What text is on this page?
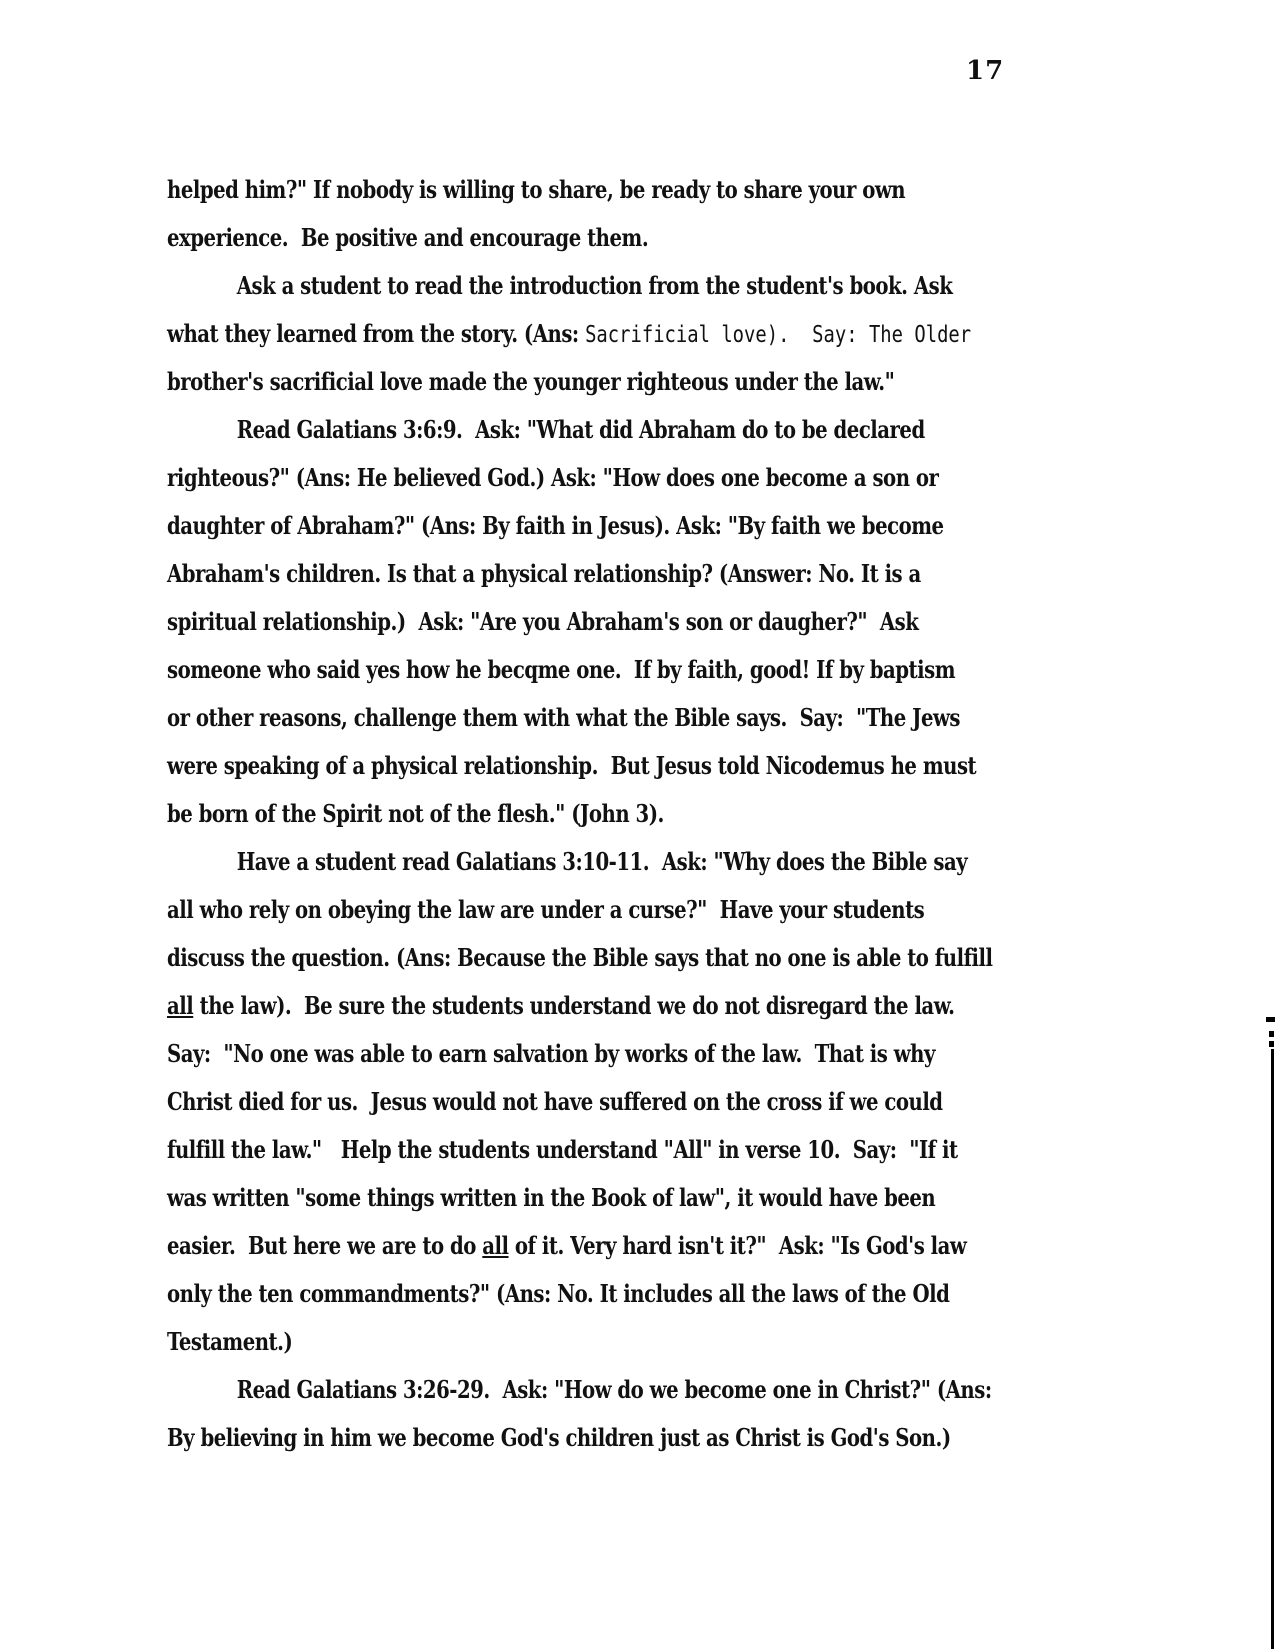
17
helped him?" If nobody is willing to share, be ready to share your own
experience.  Be positive and encourage them.
Ask a student to read the introduction from the student's book. Ask
what they learned from the story. (Ans: Sacrificial love).  Say: The Older
brother's sacrificial love made the younger righteous under the law."
Read Galatians 3:6:9.  Ask: "What did Abraham do to be declared
righteous?" (Ans: He believed God.) Ask: "How does one become a son or
daughter of Abraham?" (Ans: By faith in Jesus). Ask: "By faith we become
Abraham's children. Is that a physical relationship? (Answer: No. It is a
spiritual relationship.)  Ask: "Are you Abraham's son or daugher?"  Ask
someone who said yes how he becqme one.  If by faith, good! If by baptism
or other reasons, challenge them with what the Bible says.  Say:  "The Jews
were speaking of a physical relationship.  But Jesus told Nicodemus he must
be born of the Spirit not of the flesh." (John 3).
Have a student read Galatians 3:10-11.  Ask: "Why does the Bible say
all who rely on obeying the law are under a curse?"  Have your students
discuss the question. (Ans: Because the Bible says that no one is able to fulfill
all the law).  Be sure the students understand we do not disregard the law.
Say:  "No one was able to earn salvation by works of the law.  That is why
Christ died for us.  Jesus would not have suffered on the cross if we could
fulfill the law."   Help the students understand "All" in verse 10.  Say:  "If it
was written "some things written in the Book of law", it would have been
easier.  But here we are to do all of it. Very hard isn't it?"  Ask: "Is God's law
only the ten commandments?" (Ans: No. It includes all the laws of the Old
Testament.)
Read Galatians 3:26-29.  Ask: "How do we become one in Christ?" (Ans:
By believing in him we become God's children just as Christ is God's Son.)
